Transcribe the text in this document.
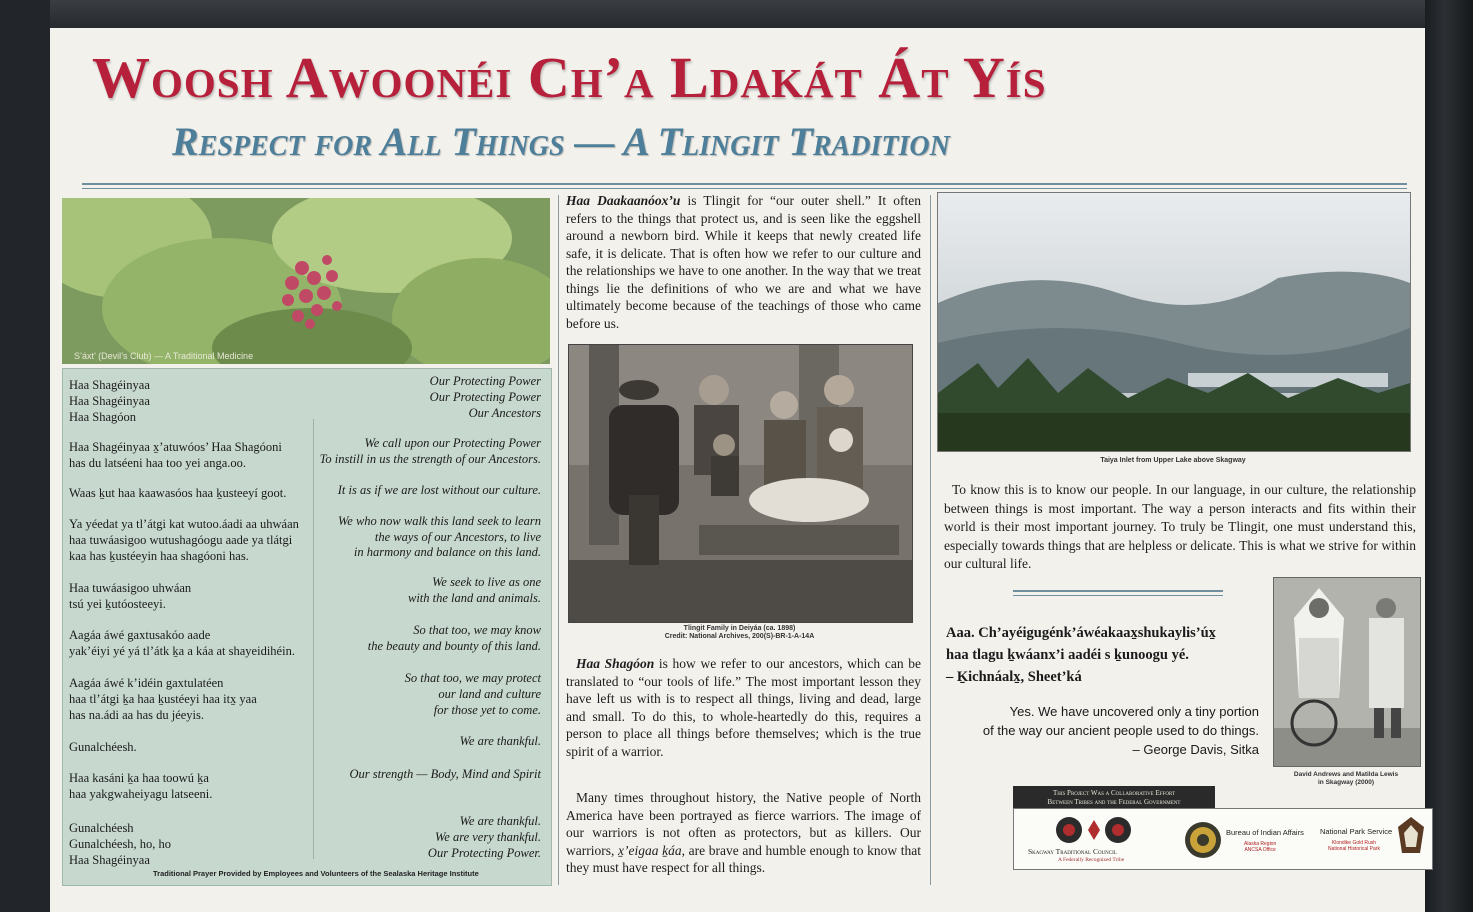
Woosh Awoonéi Ch’a Ldakát Át Yís
Respect for All Things — A Tlingit Tradition
S’áxt’ (Devil’s Club) — A Traditional Medicine
Haa Shagéinyaa
Haa Shagéinyaa
Haa Shagóon
Haa Shagéinyaa x̱’atuwóos’ Haa Shagóoni
has du latséeni haa too yei anga.oo.
Waas ḵut haa kaawasóos haa ḵusteeyí goot.
Ya yéedat ya tl’átgi kat wutoo.áadi aa uhwáan
haa tuwáasigoo wutushagóogu aade ya tlátgi
kaa has ḵustéeyin haa shagóoni has.
Haa tuwáasigoo uhwáan
tsú yei ḵutóosteeyi.
Aagáa áwé gaxtusakóo aade
yak’éiyi yé yá tl’átk ḵa a káa at shayeidihéin.
Aagáa áwé k’idéin gaxtulatéen
haa tl’átgi ḵa haa ḵustéeyi haa itx̱ yaa
has na.ádi aa has du jéeyis.
Gunalchéesh.
Haa kasáni ḵa haa toowú ḵa
haa yakgwaheiyagu latseeni.
Gunalchéesh
Gunalchéesh, ho, ho
Haa Shagéinyaa
Our Protecting Power
Our Protecting Power
Our Ancestors
We call upon our Protecting Power
To instill in us the strength of our Ancestors.
It is as if we are lost without our culture.
We who now walk this land seek to learn
the ways of our Ancestors, to live
in harmony and balance on this land.
We seek to live as one
with the land and animals.
So that too, we may know
the beauty and bounty of this land.
So that too, we may protect
our land and culture
for those yet to come.
We are thankful.
Our strength — Body, Mind and Spirit
We are thankful.
We are very thankful.
Our Protecting Power.
Traditional Prayer Provided by Employees and Volunteers of the Sealaska Heritage Institute
Haa Daakaanóox’u is Tlingit for “our outer shell.” It often refers to the things that protect us, and is seen like the eggshell around a newborn bird. While it keeps that newly created life safe, it is delicate. That is often how we refer to our culture and the relationships we have to one another. In the way that we treat things lie the definitions of who we are and what we have ultimately become because of the teachings of those who came before us.
Tlingit Family in Deiyáa (ca. 1898)
Credit: National Archives, 200(S)-BR-1-A-14A
Haa Shagóon is how we refer to our ancestors, which can be translated to “our tools of life.” The most important lesson they have left us with is to respect all things, living and dead, large and small. To do this, to whole-heartedly do this, requires a person to place all things before themselves; which is the true spirit of a warrior.
Many times throughout history, the Native people of North America have been portrayed as fierce warriors. The image of our warriors is not often as protectors, but as killers. Our warriors, x̱’eigaa ḵáa, are brave and humble enough to know that they must have respect for all things.
Taiya Inlet from Upper Lake above Skagway
To know this is to know our people. In our language, in our culture, the relationship between things is most important. The way a person interacts and fits within their world is their most important journey. To truly be Tlingit, one must understand this, especially towards things that are helpless or delicate. This is what we strive for within our cultural life.
Aaa. Ch’ayéigugénk’áwéakaax̱shukaylis’úx̱
haa tlagu ḵwáanx’i aadéi s ḵunoogu yé.
– Ḵichnáalx̱, Sheet’ká
Yes. We have uncovered only a tiny portion
of the way our ancient people used to do things.
– George Davis, Sitka
David Andrews and Matilda Lewis
in Skagway (2000)
This Project Was a Collaborative Effort
Between Tribes and the Federal Government
Skagway Traditional Council
A Federally Recognized Tribe
Bureau of Indian Affairs
Alaska Region
ANCSA Office
National Park Service
Klondike Gold Rush
National Historical Park
